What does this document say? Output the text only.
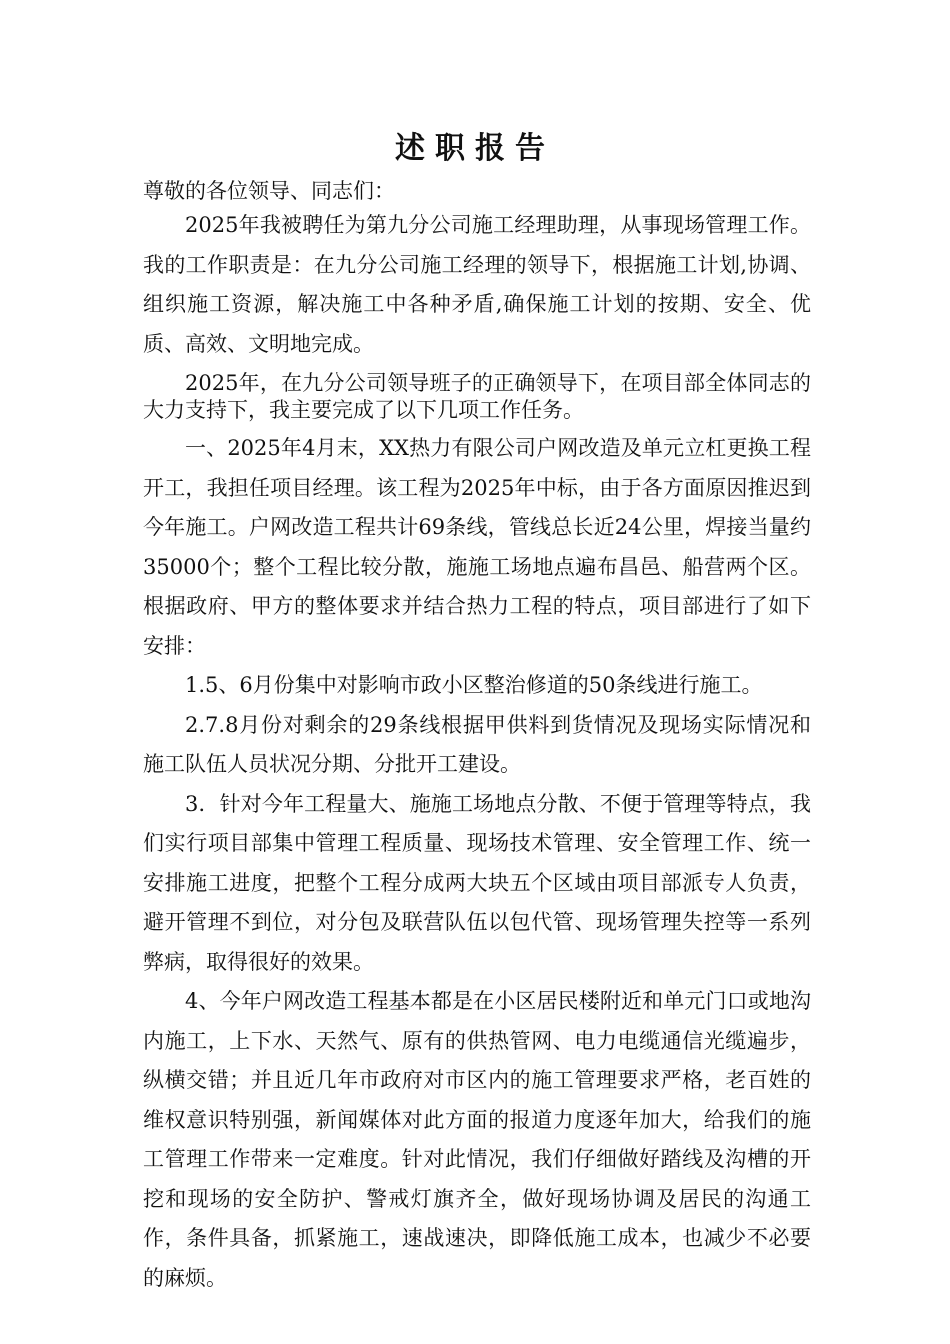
述职报告

尊敬的各位领导、同志们：

2025年我被聘任为第九分公司施工经理助理，从事现场管理工作。我的工作职责是：在九分公司施工经理的领导下，根据施工计划,协调、组织施工资源，解决施工中各种矛盾,确保施工计划的按期、安全、优质、高效、文明地完成。

2025年，在九分公司领导班子的正确领导下，在项目部全体同志的大力支持下，我主要完成了以下几项工作任务。

一、2025年4月末，XX热力有限公司户网改造及单元立杠更换工程开工，我担任项目经理。该工程为2025年中标，由于各方面原因推迟到今年施工。户网改造工程共计69条线，管线总长近24公里，焊接当量约35000个；整个工程比较分散，施施工场地点遍布昌邑、船营两个区。根据政府、甲方的整体要求并结合热力工程的特点，项目部进行了如下安排：

1.5、6月份集中对影响市政小区整治修道的50条线进行施工。

2.7.8月份对剩余的29条线根据甲供料到货情况及现场实际情况和施工队伍人员状况分期、分批开工建设。

3．针对今年工程量大、施施工场地点分散、不便于管理等特点，我们实行项目部集中管理工程质量、现场技术管理、安全管理工作、统一安排施工进度，把整个工程分成两大块五个区域由项目部派专人负责，避开管理不到位，对分包及联营队伍以包代管、现场管理失控等一系列弊病，取得很好的效果。

4、今年户网改造工程基本都是在小区居民楼附近和单元门口或地沟内施工，上下水、天然气、原有的供热管网、电力电缆通信光缆遍步，纵横交错；并且近几年市政府对市区内的施工管理要求严格，老百姓的维权意识特别强，新闻媒体对此方面的报道力度逐年加大，给我们的施工管理工作带来一定难度。针对此情况，我们仔细做好踏线及沟槽的开挖和现场的安全防护、警戒灯旗齐全，做好现场协调及居民的沟通工作，条件具备，抓紧施工，速战速决，即降低施工成本，也减少不必要的麻烦。
